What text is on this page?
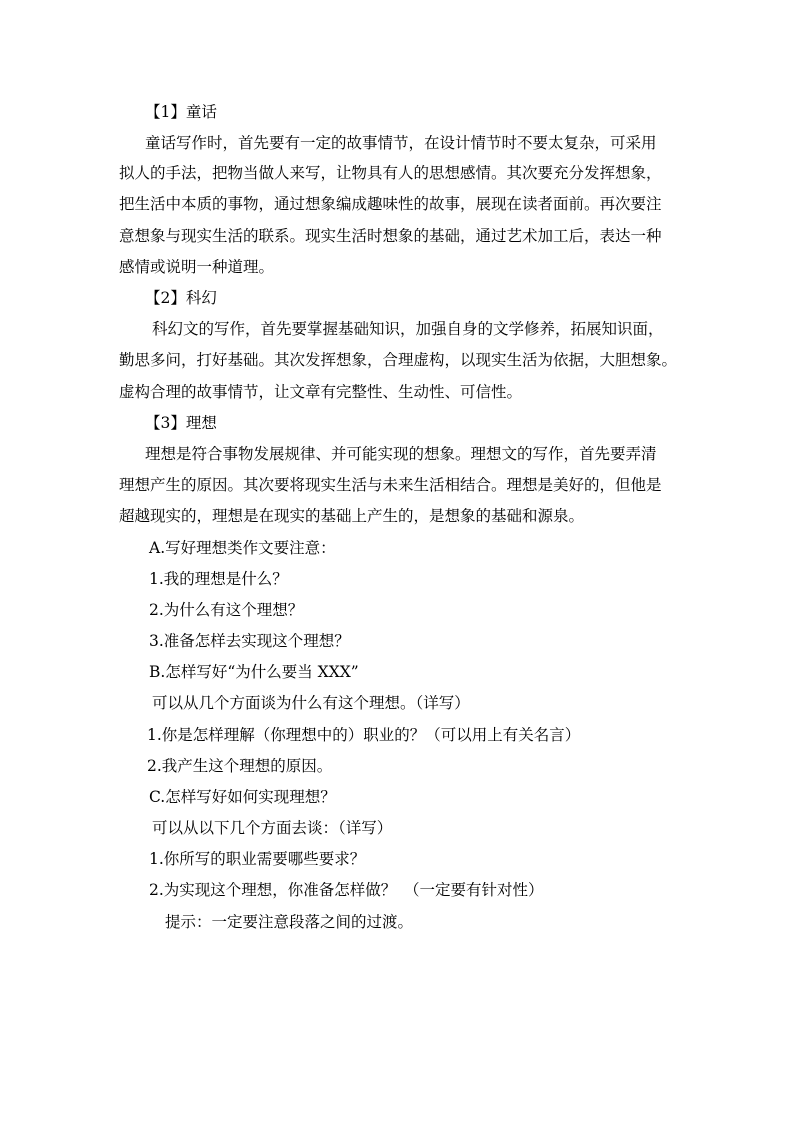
【1】童话
童话写作时，首先要有一定的故事情节，在设计情节时不要太复杂，可采用
拟人的手法，把物当做人来写，让物具有人的思想感情。其次要充分发挥想象，
把生活中本质的事物，通过想象编成趣味性的故事，展现在读者面前。再次要注
意想象与现实生活的联系。现实生活时想象的基础，通过艺术加工后，表达一种
感情或说明一种道理。
【2】科幻
科幻文的写作，首先要掌握基础知识，加强自身的文学修养，拓展知识面，
勤思多问，打好基础。其次发挥想象，合理虚构，以现实生活为依据，大胆想象。
虚构合理的故事情节，让文章有完整性、生动性、可信性。
【3】理想
理想是符合事物发展规律、并可能实现的想象。理想文的写作，首先要弄清
理想产生的原因。其次要将现实生活与未来生活相结合。理想是美好的，但他是
超越现实的，理想是在现实的基础上产生的，是想象的基础和源泉。
A.写好理想类作文要注意：
1.我的理想是什么？
2.为什么有这个理想？
3.准备怎样去实现这个理想？
B.怎样写好“为什么要当 XXX”
可以从几个方面谈为什么有这个理想。（详写）
1.你是怎样理解（你理想中的）职业的？（可以用上有关名言）
2.我产生这个理想的原因。
C.怎样写好如何实现理想？
可以从以下几个方面去谈：（详写）
1.你所写的职业需要哪些要求？
2.为实现这个理想，你准备怎样做？　（一定要有针对性）
提示：一定要注意段落之间的过渡。
